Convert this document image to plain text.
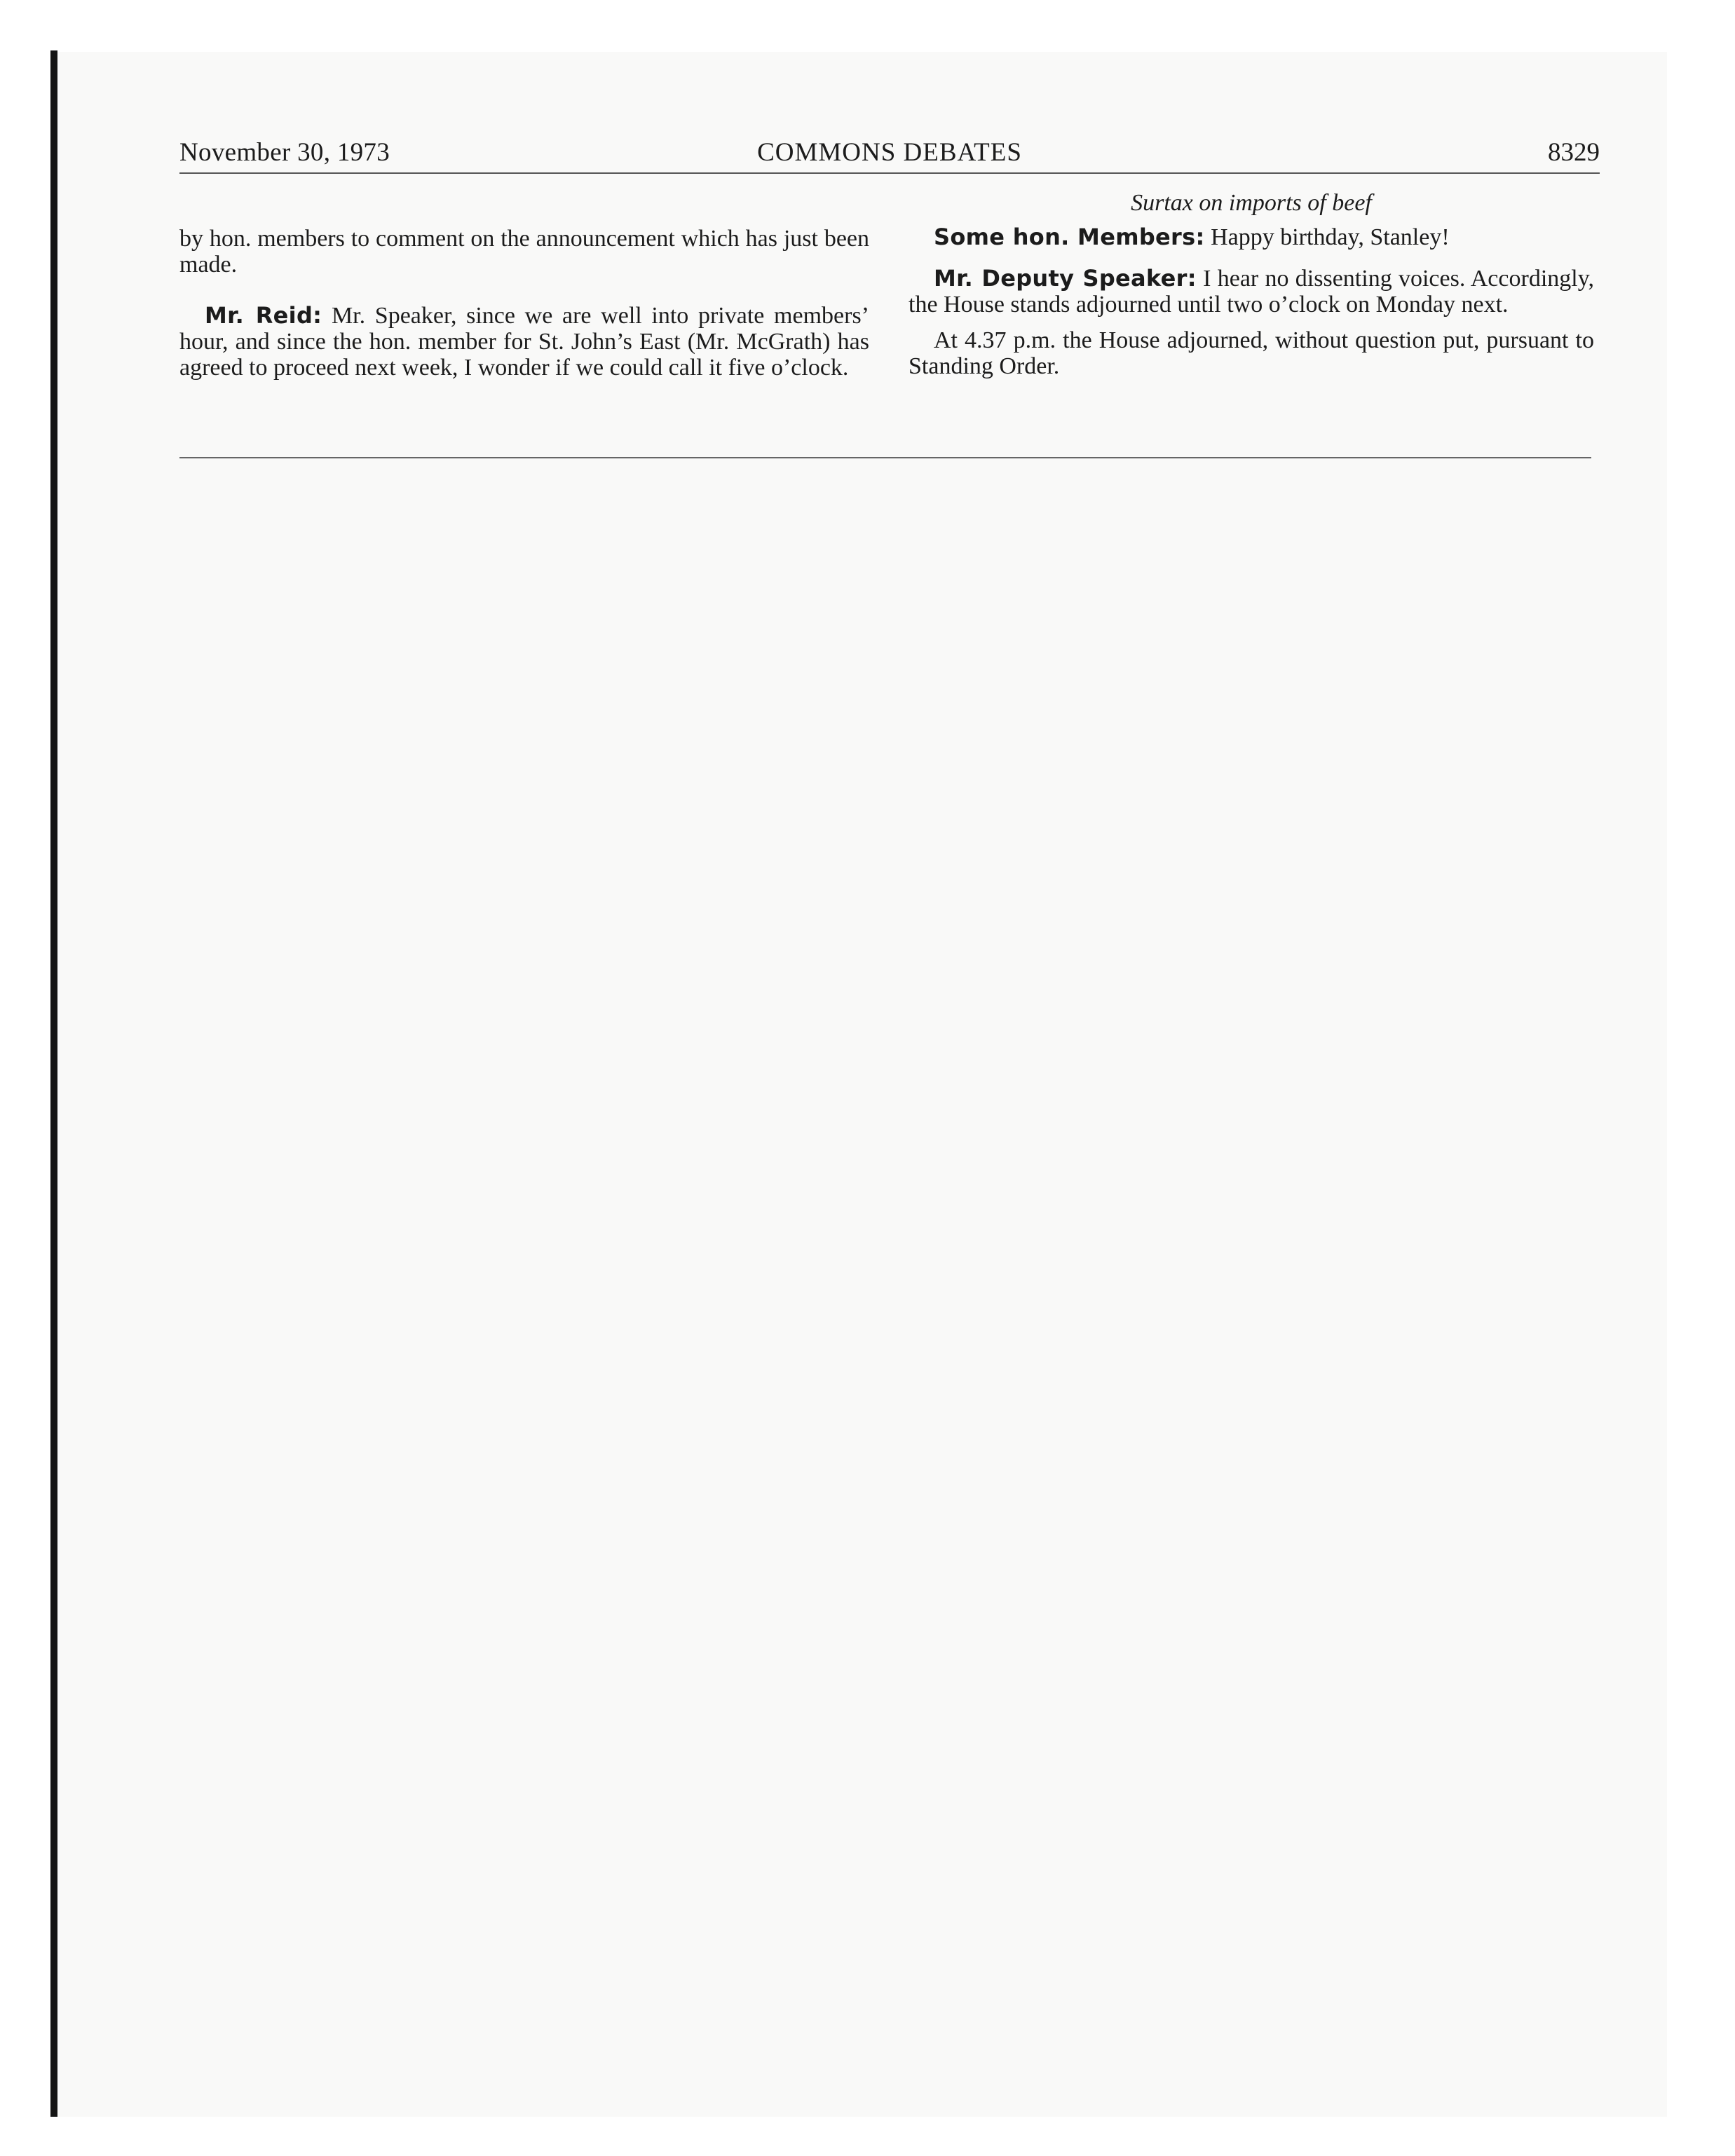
November 30, 1973	COMMONS DEBATES	8329

by hon. members to comment on the announcement which has just been made.

Mr. Reid: Mr. Speaker, since we are well into private members’ hour, and since the hon. member for St. John’s East (Mr. McGrath) has agreed to proceed next week, I wonder if we could call it five o’clock.

Surtax on imports of beef

Some hon. Members: Happy birthday, Stanley!

Mr. Deputy Speaker: I hear no dissenting voices. Accordingly, the House stands adjourned until two o’clock on Monday next.

At 4.37 p.m. the House adjourned, without question put, pursuant to Standing Order.
